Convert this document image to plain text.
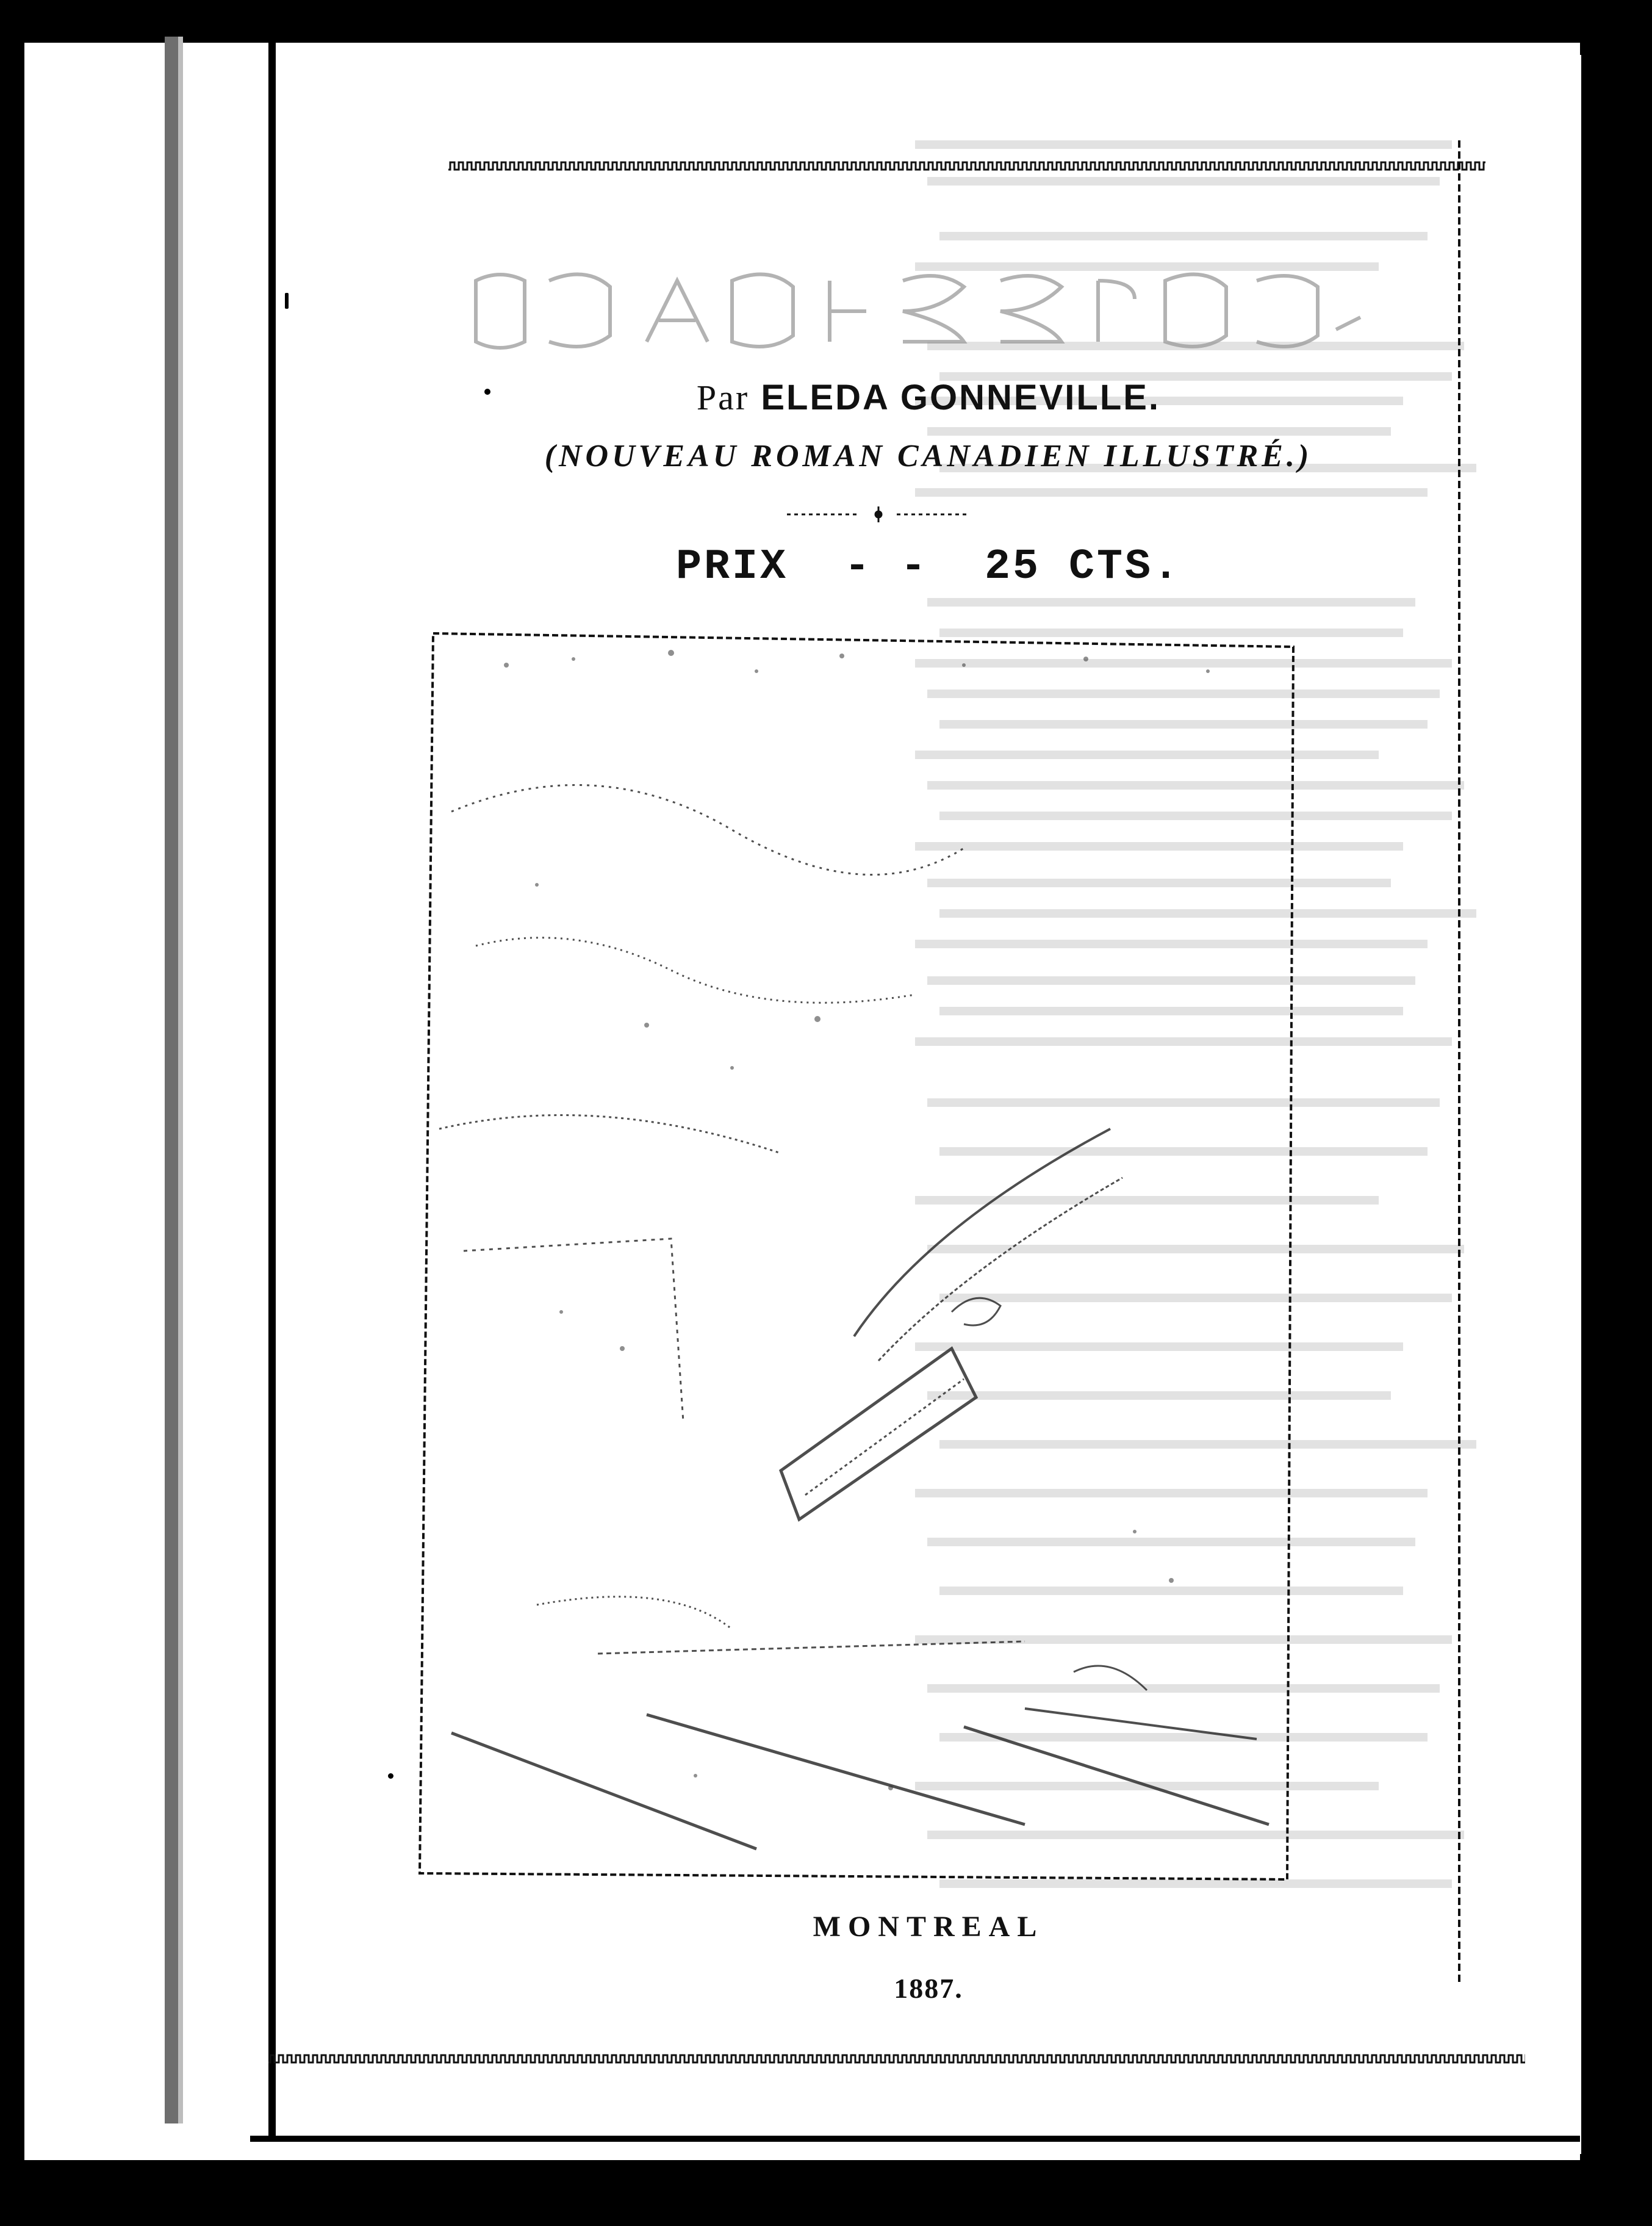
Par ELEDA GONNEVILLE.
(NOUVEAU ROMAN CANADIEN ILLUSTRÉ.)
PRIX  - -  25 CTS.
MONTREAL
1887.
